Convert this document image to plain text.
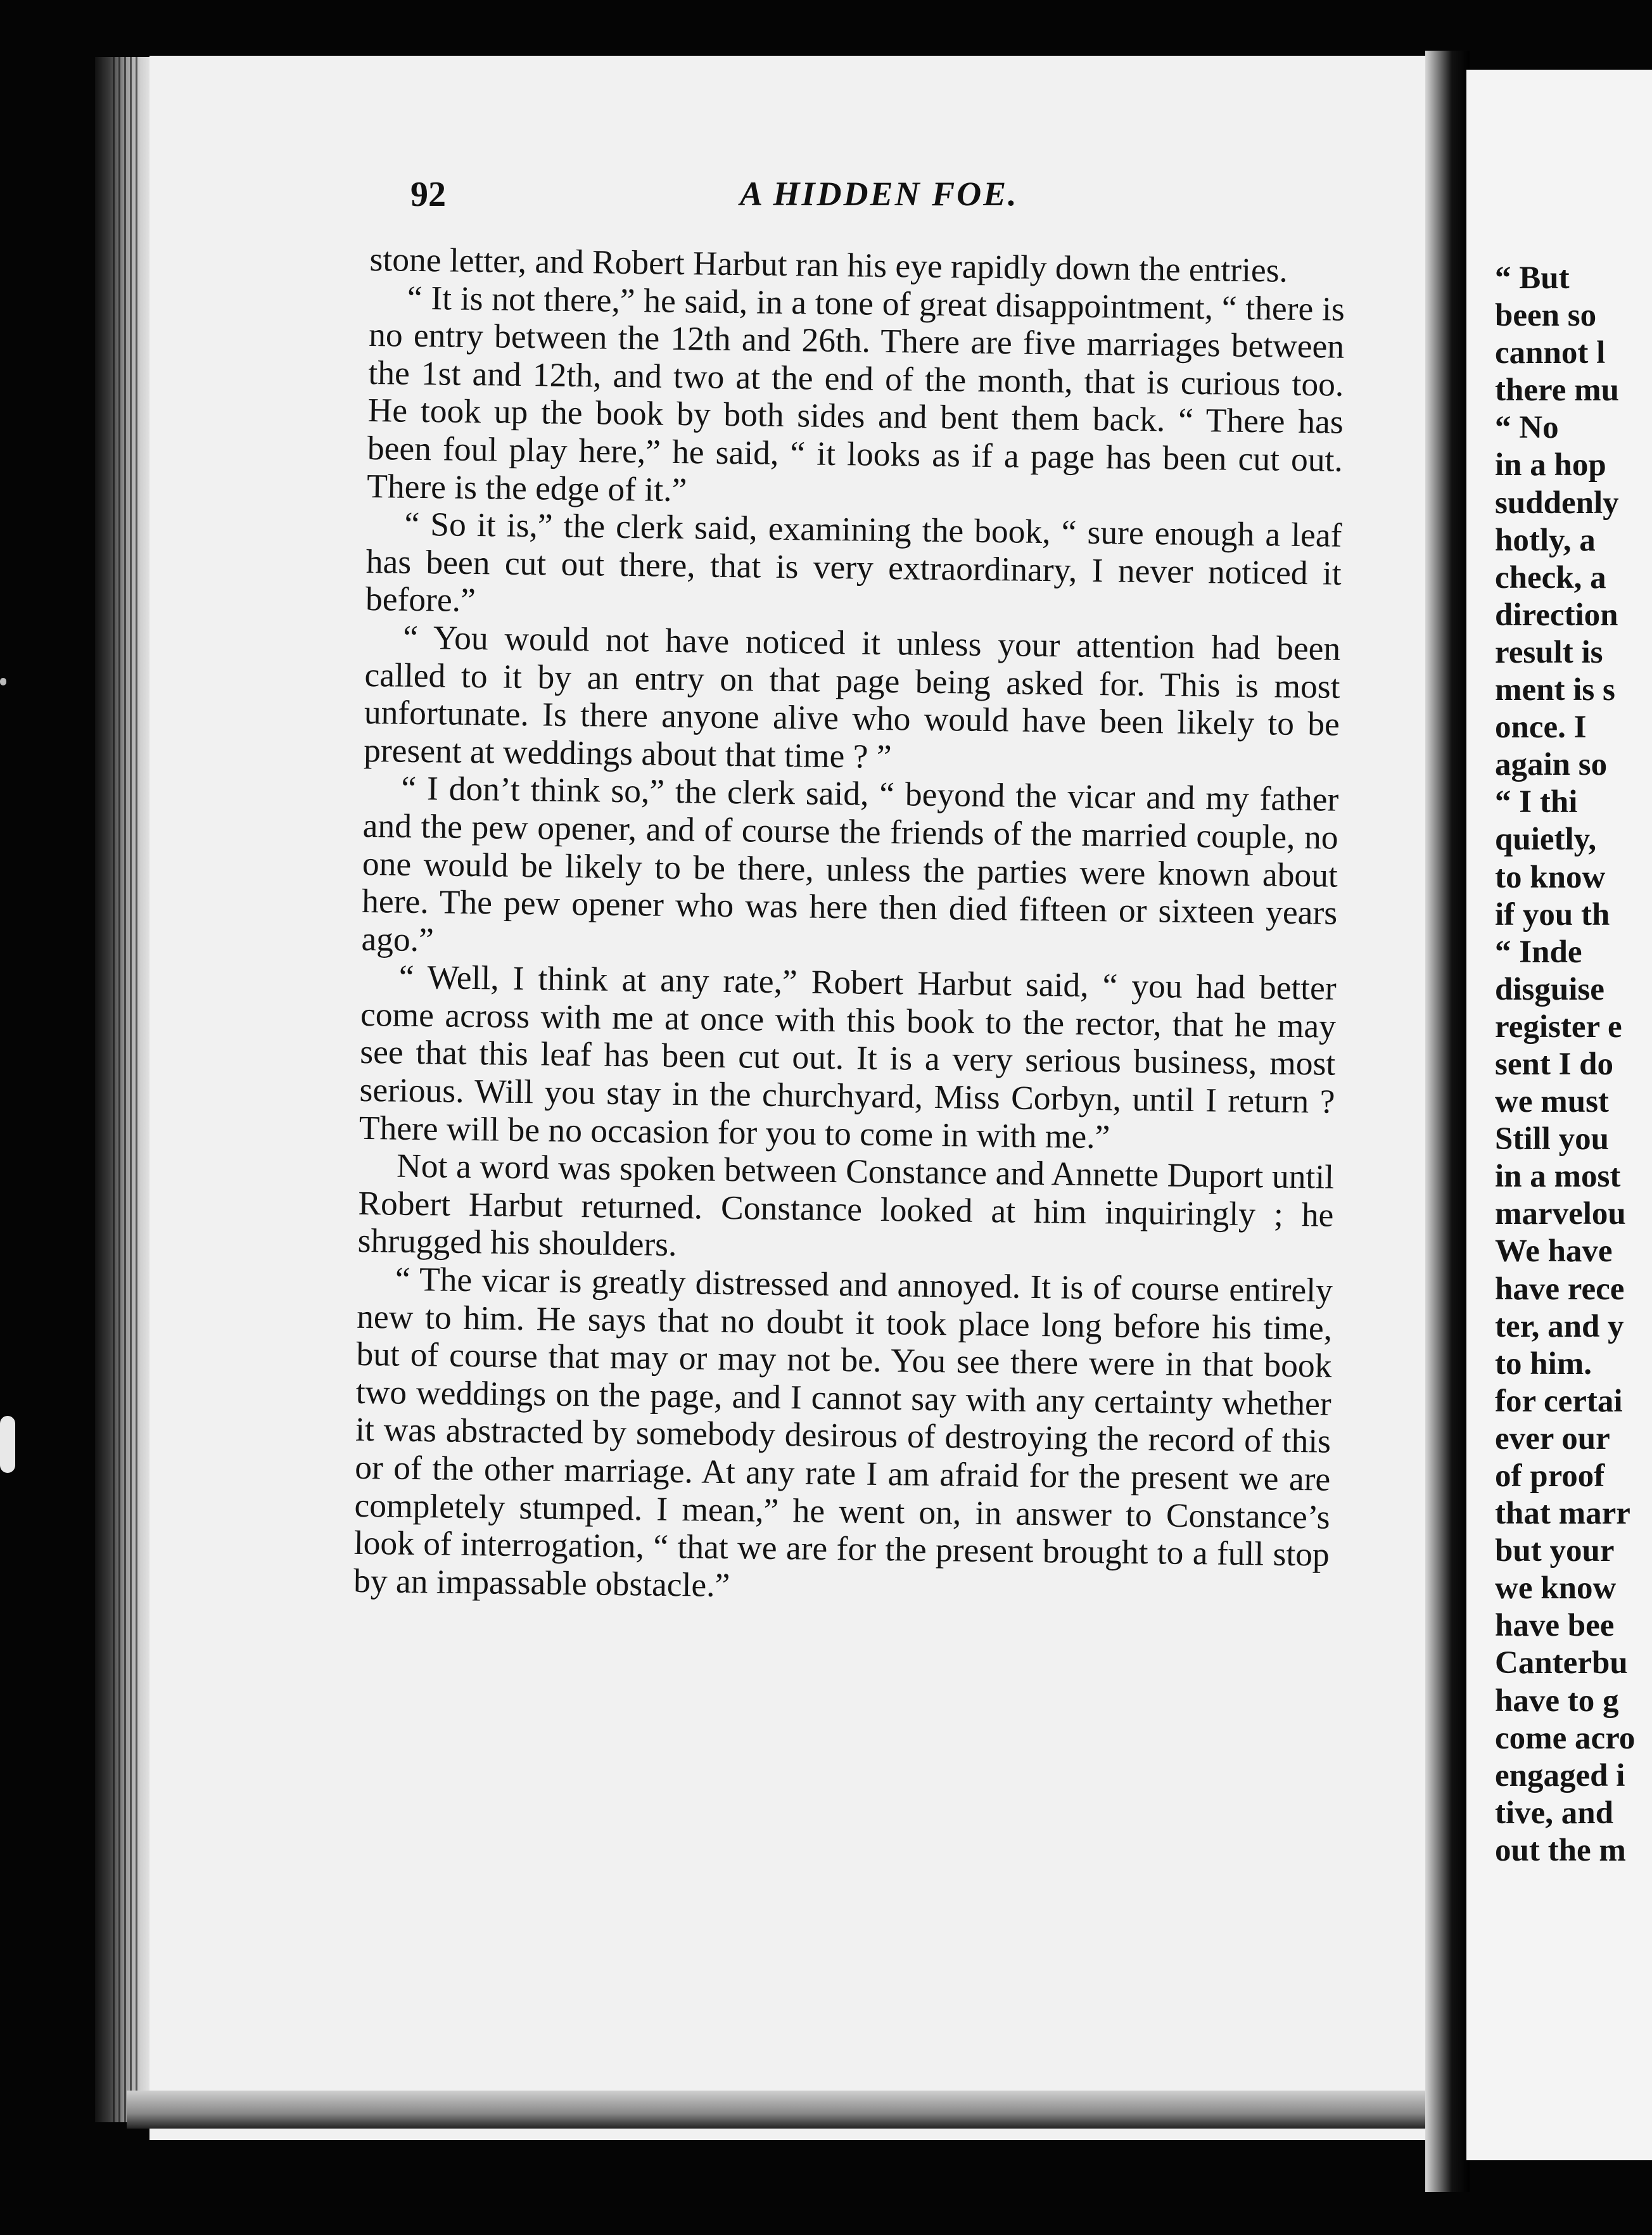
92	A HIDDEN FOE.

stone letter, and Robert Harbut ran his eye rapidly down the entries.

“ It is not there,” he said, in a tone of great disappointment, “ there is no entry between the 12th and 26th. There are five marriages between the 1st and 12th, and two at the end of the month, that is curious too. He took up the book by both sides and bent them back. “ There has been foul play here,” he said, “ it looks as if a page has been cut out. There is the edge of it.”

“ So it is,” the clerk said, examining the book, “ sure enough a leaf has been cut out there, that is very extraordinary, I never noticed it before.”

“ You would not have noticed it unless your attention had been called to it by an entry on that page being asked for. This is most unfortunate. Is there anyone alive who would have been likely to be present at weddings about that time ? ”

“ I don’t think so,” the clerk said, “ beyond the vicar and my father and the pew opener, and of course the friends of the married couple, no one would be likely to be there, unless the parties were known about here. The pew opener who was here then died fifteen or sixteen years ago.”

“ Well, I think at any rate,” Robert Harbut said, “ you had better come across with me at once with this book to the rector, that he may see that this leaf has been cut out. It is a very serious business, most serious. Will you stay in the churchyard, Miss Corbyn, until I return ? There will be no occasion for you to come in with me.”

Not a word was spoken between Constance and Annette Duport until Robert Harbut returned. Constance looked at him inquiringly ; he shrugged his shoulders.

“ The vicar is greatly distressed and annoyed. It is of course entirely new to him. He says that no doubt it took place long before his time, but of course that may or may not be. You see there were in that book two weddings on the page, and I cannot say with any certainty whether it was abstracted by somebody desirous of destroying the record of this or of the other marriage. At any rate I am afraid for the present we are completely stumped. I mean,” he went on, in answer to Constance’s look of interrogation, “ that we are for the present brought to a full stop by an impassable obstacle.”

“ But
been so
cannot l
there mu
“ No
in a hop
suddenly
hotly, a
check, a
direction
result is
ment is s
once. I
again so
“ I thi
quietly,
to know
if you th
“ Inde
disguise
register e
sent I do
we must
Still you
in a most
marvelou
We have
have rece
ter, and y
to him.
for certai
ever our
of proof
that marr
but your
we know
have bee
Canterbu
have to g
come acro
engaged i
tive, and
out the m
